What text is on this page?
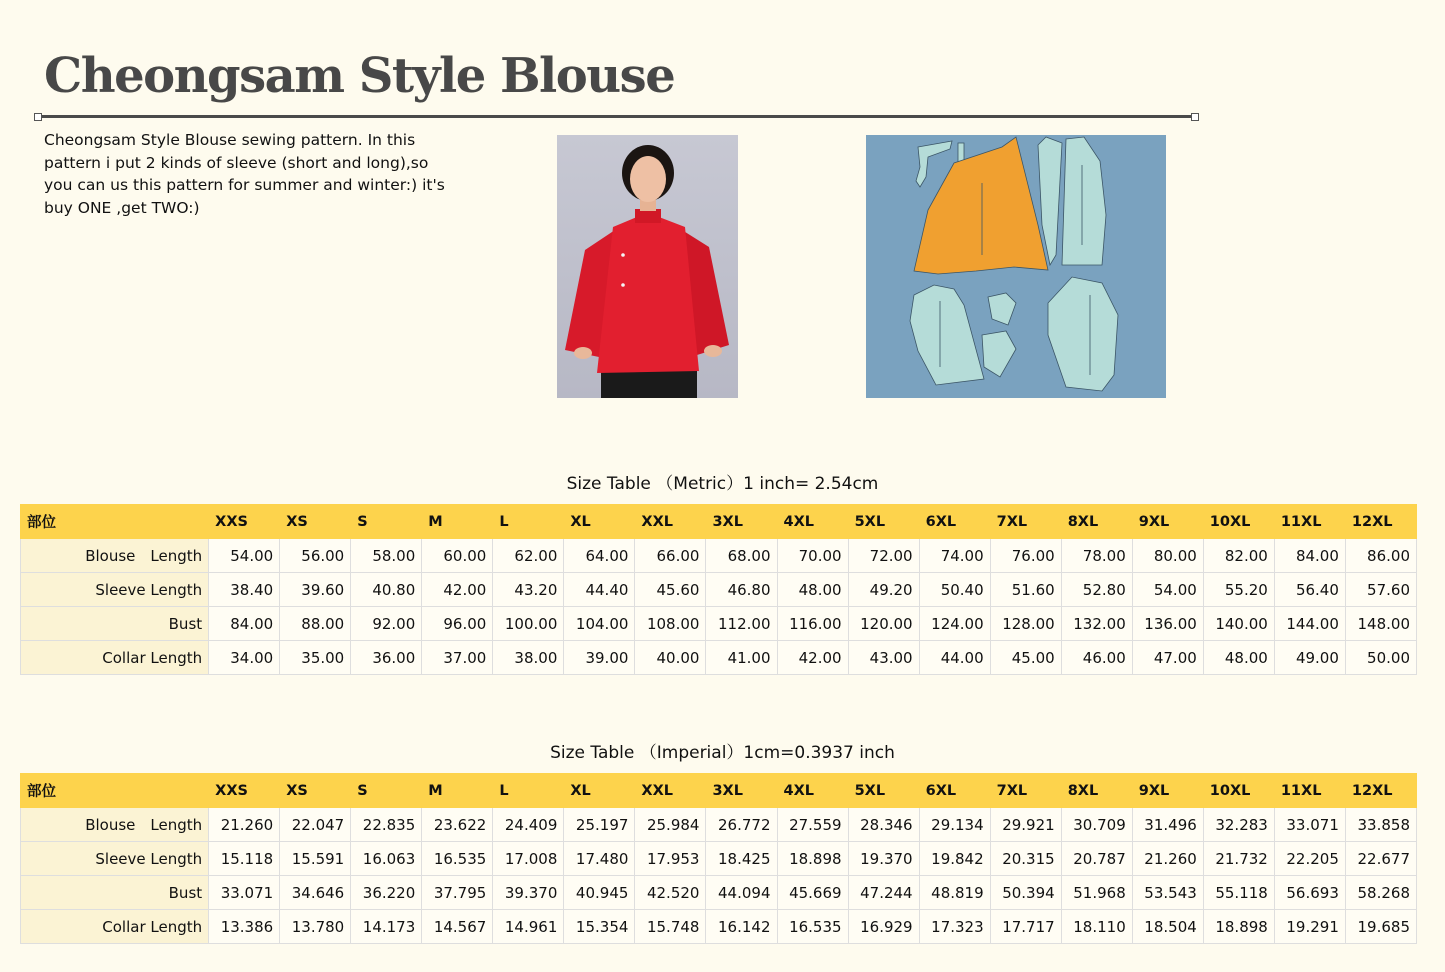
Cheongsam Style Blouse

Cheongsam Style Blouse sewing pattern. In this pattern i put 2 kinds of sleeve (short and long),so you can us this pattern for summer and winter:) it's buy ONE ,get TWO:)

Size Table （Metric）1 inch= 2.54cm
部位	XXS	XS	S	M	L	XL	XXL	3XL	4XL	5XL	6XL	7XL	8XL	9XL	10XL	11XL	12XL
Blouse　Length	54.00	56.00	58.00	60.00	62.00	64.00	66.00	68.00	70.00	72.00	74.00	76.00	78.00	80.00	82.00	84.00	86.00
Sleeve Length	38.40	39.60	40.80	42.00	43.20	44.40	45.60	46.80	48.00	49.20	50.40	51.60	52.80	54.00	55.20	56.40	57.60
Bust	84.00	88.00	92.00	96.00	100.00	104.00	108.00	112.00	116.00	120.00	124.00	128.00	132.00	136.00	140.00	144.00	148.00
Collar Length	34.00	35.00	36.00	37.00	38.00	39.00	40.00	41.00	42.00	43.00	44.00	45.00	46.00	47.00	48.00	49.00	50.00
Size Table （Imperial）1cm=0.3937 inch
部位	XXS	XS	S	M	L	XL	XXL	3XL	4XL	5XL	6XL	7XL	8XL	9XL	10XL	11XL	12XL
Blouse　Length	21.260	22.047	22.835	23.622	24.409	25.197	25.984	26.772	27.559	28.346	29.134	29.921	30.709	31.496	32.283	33.071	33.858
Sleeve Length	15.118	15.591	16.063	16.535	17.008	17.480	17.953	18.425	18.898	19.370	19.842	20.315	20.787	21.260	21.732	22.205	22.677
Bust	33.071	34.646	36.220	37.795	39.370	40.945	42.520	44.094	45.669	47.244	48.819	50.394	51.968	53.543	55.118	56.693	58.268
Collar Length	13.386	13.780	14.173	14.567	14.961	15.354	15.748	16.142	16.535	16.929	17.323	17.717	18.110	18.504	18.898	19.291	19.685
